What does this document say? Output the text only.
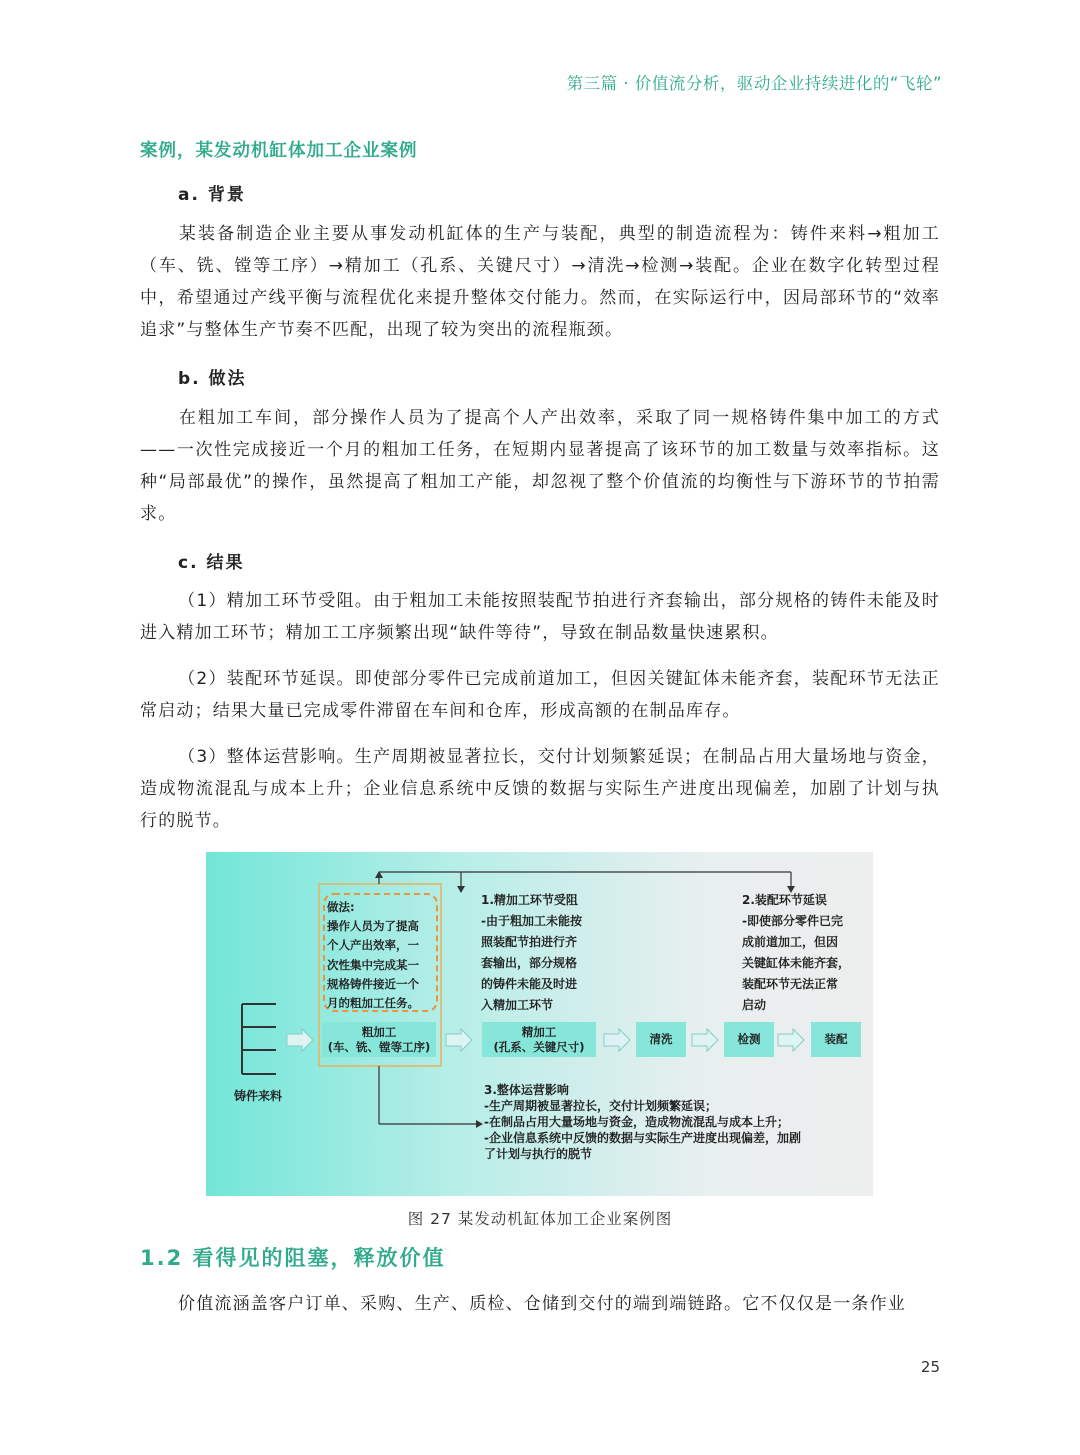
第三篇 · 价值流分析，驱动企业持续进化的“飞轮”
案例，某发动机缸体加工企业案例
a. 背景

某装备制造企业主要从事发动机缸体的生产与装配，典型的制造流程为：铸件来料→粗加工（车、铣、镗等工序）→精加工（孔系、关键尺寸）→清洗→检测→装配。企业在数字化转型过程中，希望通过产线平衡与流程优化来提升整体交付能力。然而，在实际运行中，因局部环节的“效率追求”与整体生产节奏不匹配，出现了较为突出的流程瓶颈。

b. 做法

在粗加工车间，部分操作人员为了提高个人产出效率，采取了同一规格铸件集中加工的方式——一次性完成接近一个月的粗加工任务，在短期内显著提高了该环节的加工数量与效率指标。这种“局部最优”的操作，虽然提高了粗加工产能，却忽视了整个价值流的均衡性与下游环节的节拍需求。

c. 结果

（1）精加工环节受阻。由于粗加工未能按照装配节拍进行齐套输出，部分规格的铸件未能及时进入精加工环节；精加工工序频繁出现“缺件等待”，导致在制品数量快速累积。

（2）装配环节延误。即使部分零件已完成前道加工，但因关键缸体未能齐套，装配环节无法正常启动；结果大量已完成零件滞留在车间和仓库，形成高额的在制品库存。

（3）整体运营影响。生产周期被显著拉长，交付计划频繁延误；在制品占用大量场地与资金，造成物流混乱与成本上升；企业信息系统中反馈的数据与实际生产进度出现偏差，加剧了计划与执行的脱节。

铸件来料
做法:
操作人员为了提高
个人产出效率，一
次性集中完成某一
规格铸件接近一个
月的粗加工任务。
1.精加工环节受阻
-由于粗加工未能按
照装配节拍进行齐
套输出，部分规格
的铸件未能及时进
入精加工环节
2.装配环节延误
-即使部分零件已完
成前道加工，但因
关键缸体未能齐套，
装配环节无法正常
启动
3.整体运营影响
-生产周期被显著拉长，交付计划频繁延误；
-在制品占用大量场地与资金，造成物流混乱与成本上升；
-企业信息系统中反馈的数据与实际生产进度出现偏差，加剧
了计划与执行的脱节
粗加工
(车、铣、镗等工序)
精加工
(孔系、关键尺寸)
清洗	检测	装配
图 27 某发动机缸体加工企业案例图
1.2 看得见的阻塞，释放价值

价值流涵盖客户订单、采购、生产、质检、仓储到交付的端到端链路。它不仅仅是一条作业

25
